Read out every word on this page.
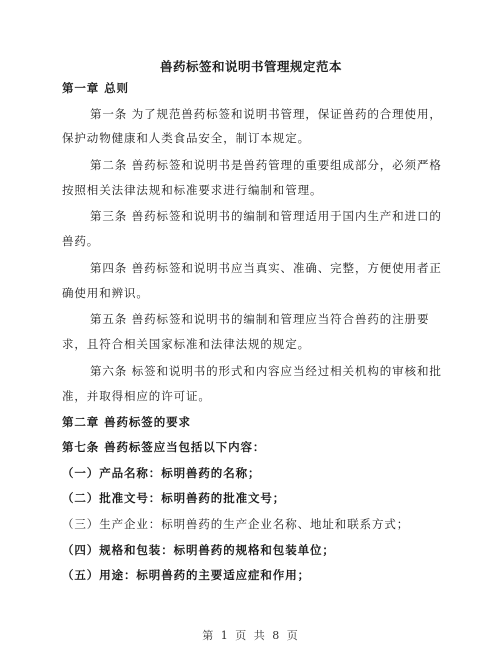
兽药标签和说明书管理规定范本
第一章 总则
第一条 为了规范兽药标签和说明书管理，保证兽药的合理使用，
保护动物健康和人类食品安全，制订本规定。
第二条 兽药标签和说明书是兽药管理的重要组成部分，必须严格
按照相关法律法规和标准要求进行编制和管理。
第三条 兽药标签和说明书的编制和管理适用于国内生产和进口的
兽药。
第四条 兽药标签和说明书应当真实、准确、完整，方便使用者正
确使用和辨识。
第五条 兽药标签和说明书的编制和管理应当符合兽药的注册要
求，且符合相关国家标准和法律法规的规定。
第六条 标签和说明书的形式和内容应当经过相关机构的审核和批
准，并取得相应的许可证。
第二章 兽药标签的要求
第七条 兽药标签应当包括以下内容：
（一）产品名称：标明兽药的名称；
（二）批准文号：标明兽药的批准文号；
（三）生产企业：标明兽药的生产企业名称、地址和联系方式；
（四）规格和包装：标明兽药的规格和包装单位；
（五）用途：标明兽药的主要适应症和作用；
第 1 页 共 8 页
